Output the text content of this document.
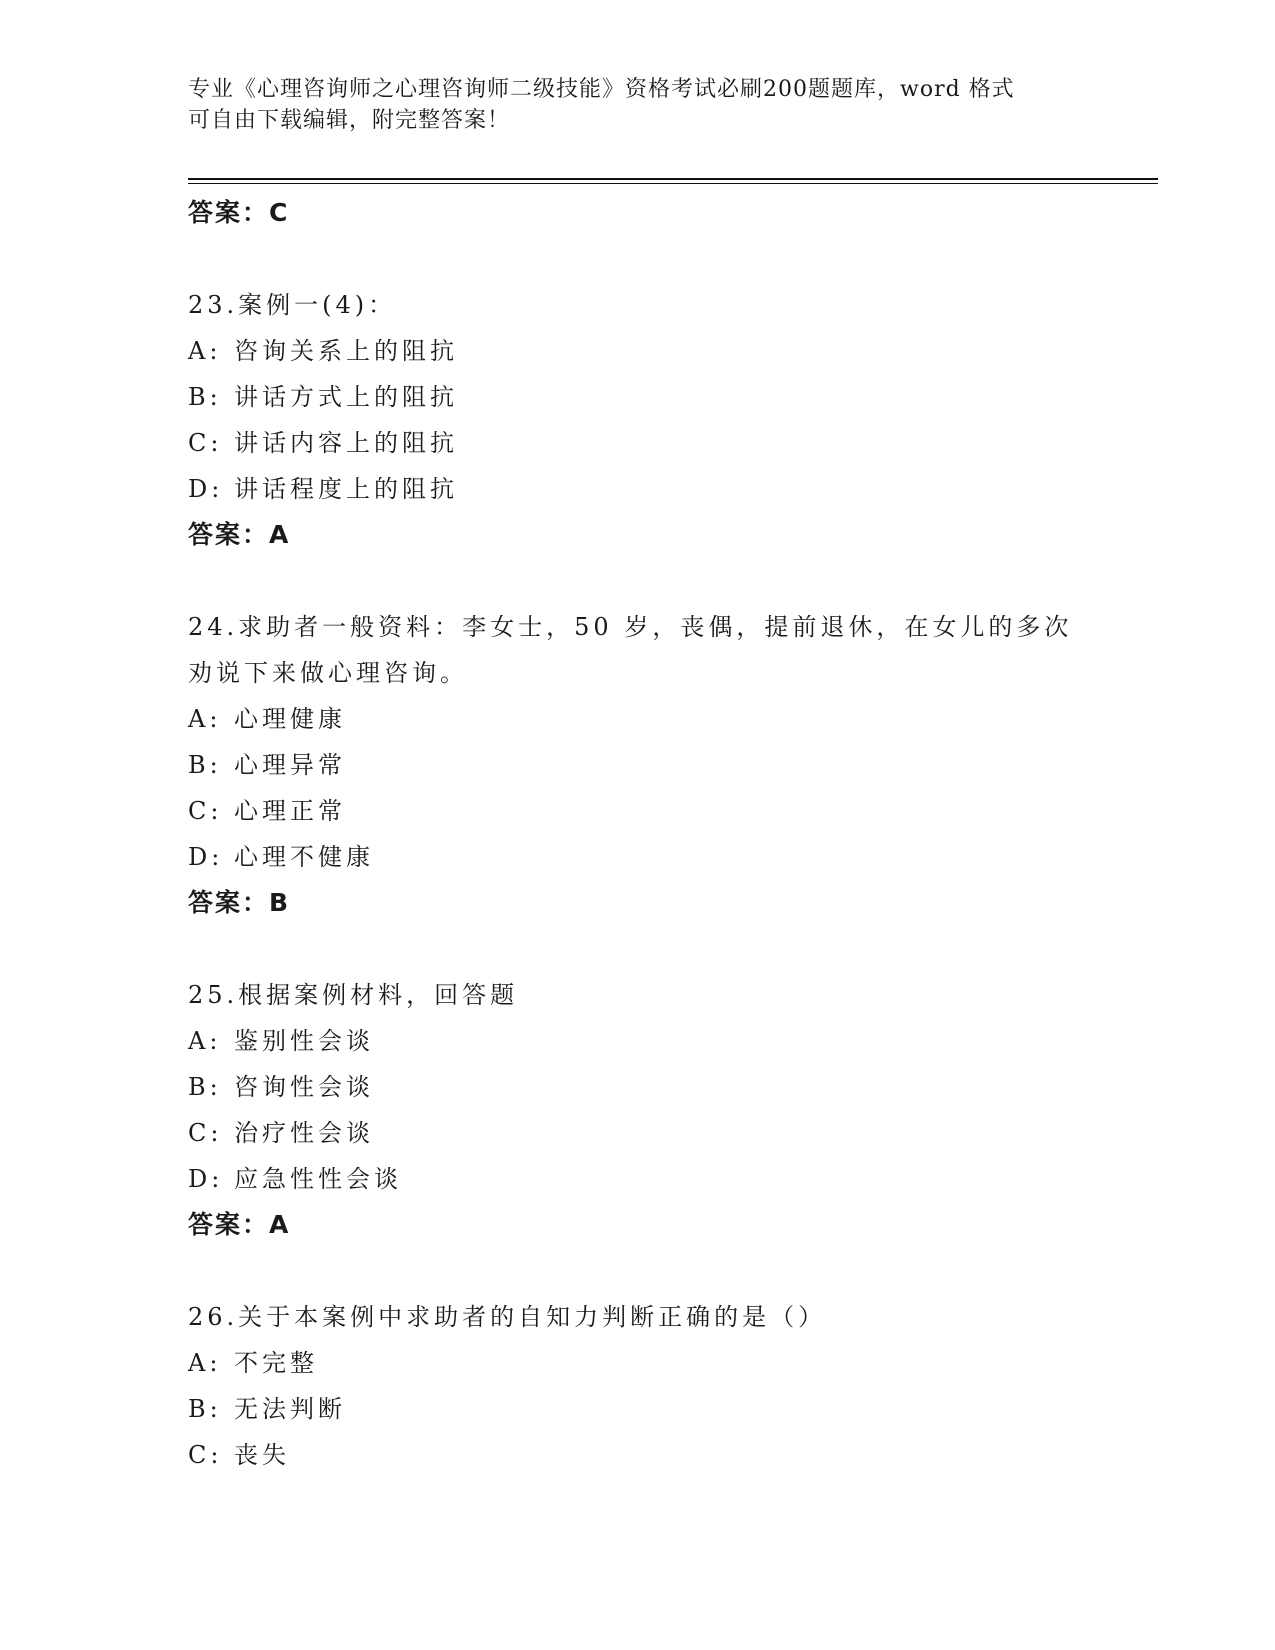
专业《心理咨询师之心理咨询师二级技能》资格考试必刷200题题库，word 格式
可自由下载编辑，附完整答案！
答案：C
23.案例一(4)：
A: 咨询关系上的阻抗
B: 讲话方式上的阻抗
C: 讲话内容上的阻抗
D: 讲话程度上的阻抗
答案：A
24.求助者一般资料：李女士，50 岁，丧偶，提前退休，在女儿的多次
劝说下来做心理咨询。
A: 心理健康
B: 心理异常
C: 心理正常
D: 心理不健康
答案：B
25.根据案例材料，回答题
A: 鉴别性会谈
B: 咨询性会谈
C: 治疗性会谈
D: 应急性性会谈
答案：A
26.关于本案例中求助者的自知力判断正确的是（）
A: 不完整
B: 无法判断
C: 丧失
